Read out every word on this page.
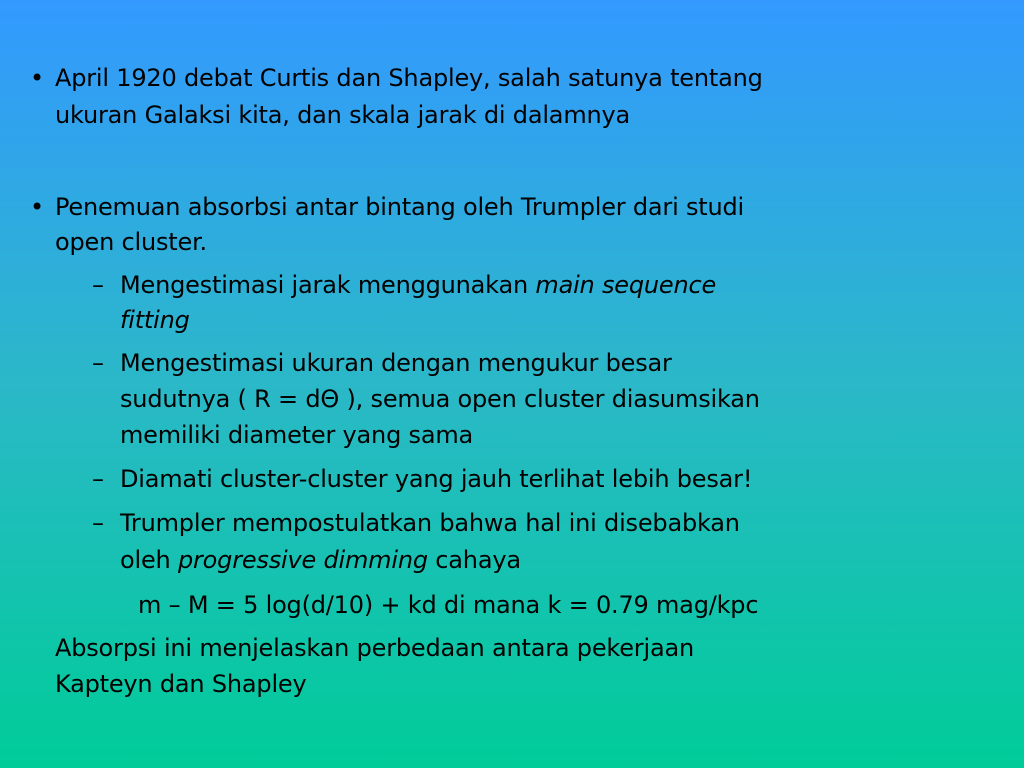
• April 1920 debat Curtis dan Shapley, salah satunya tentang
ukuran Galaksi kita, dan skala jarak di dalamnya
• Penemuan absorbsi antar bintang oleh Trumpler dari studi
open cluster.
– Mengestimasi jarak menggunakan main sequence
fitting
– Mengestimasi ukuran dengan mengukur besar
sudutnya ( R = dΘ ), semua open cluster diasumsikan
memiliki diameter yang sama
– Diamati cluster-cluster yang jauh terlihat lebih besar!
– Trumpler mempostulatkan bahwa hal ini disebabkan
oleh progressive dimming cahaya
m – M = 5 log(d/10) + kd di mana k = 0.79 mag/kpc
Absorpsi ini menjelaskan perbedaan antara pekerjaan
Kapteyn dan Shapley
